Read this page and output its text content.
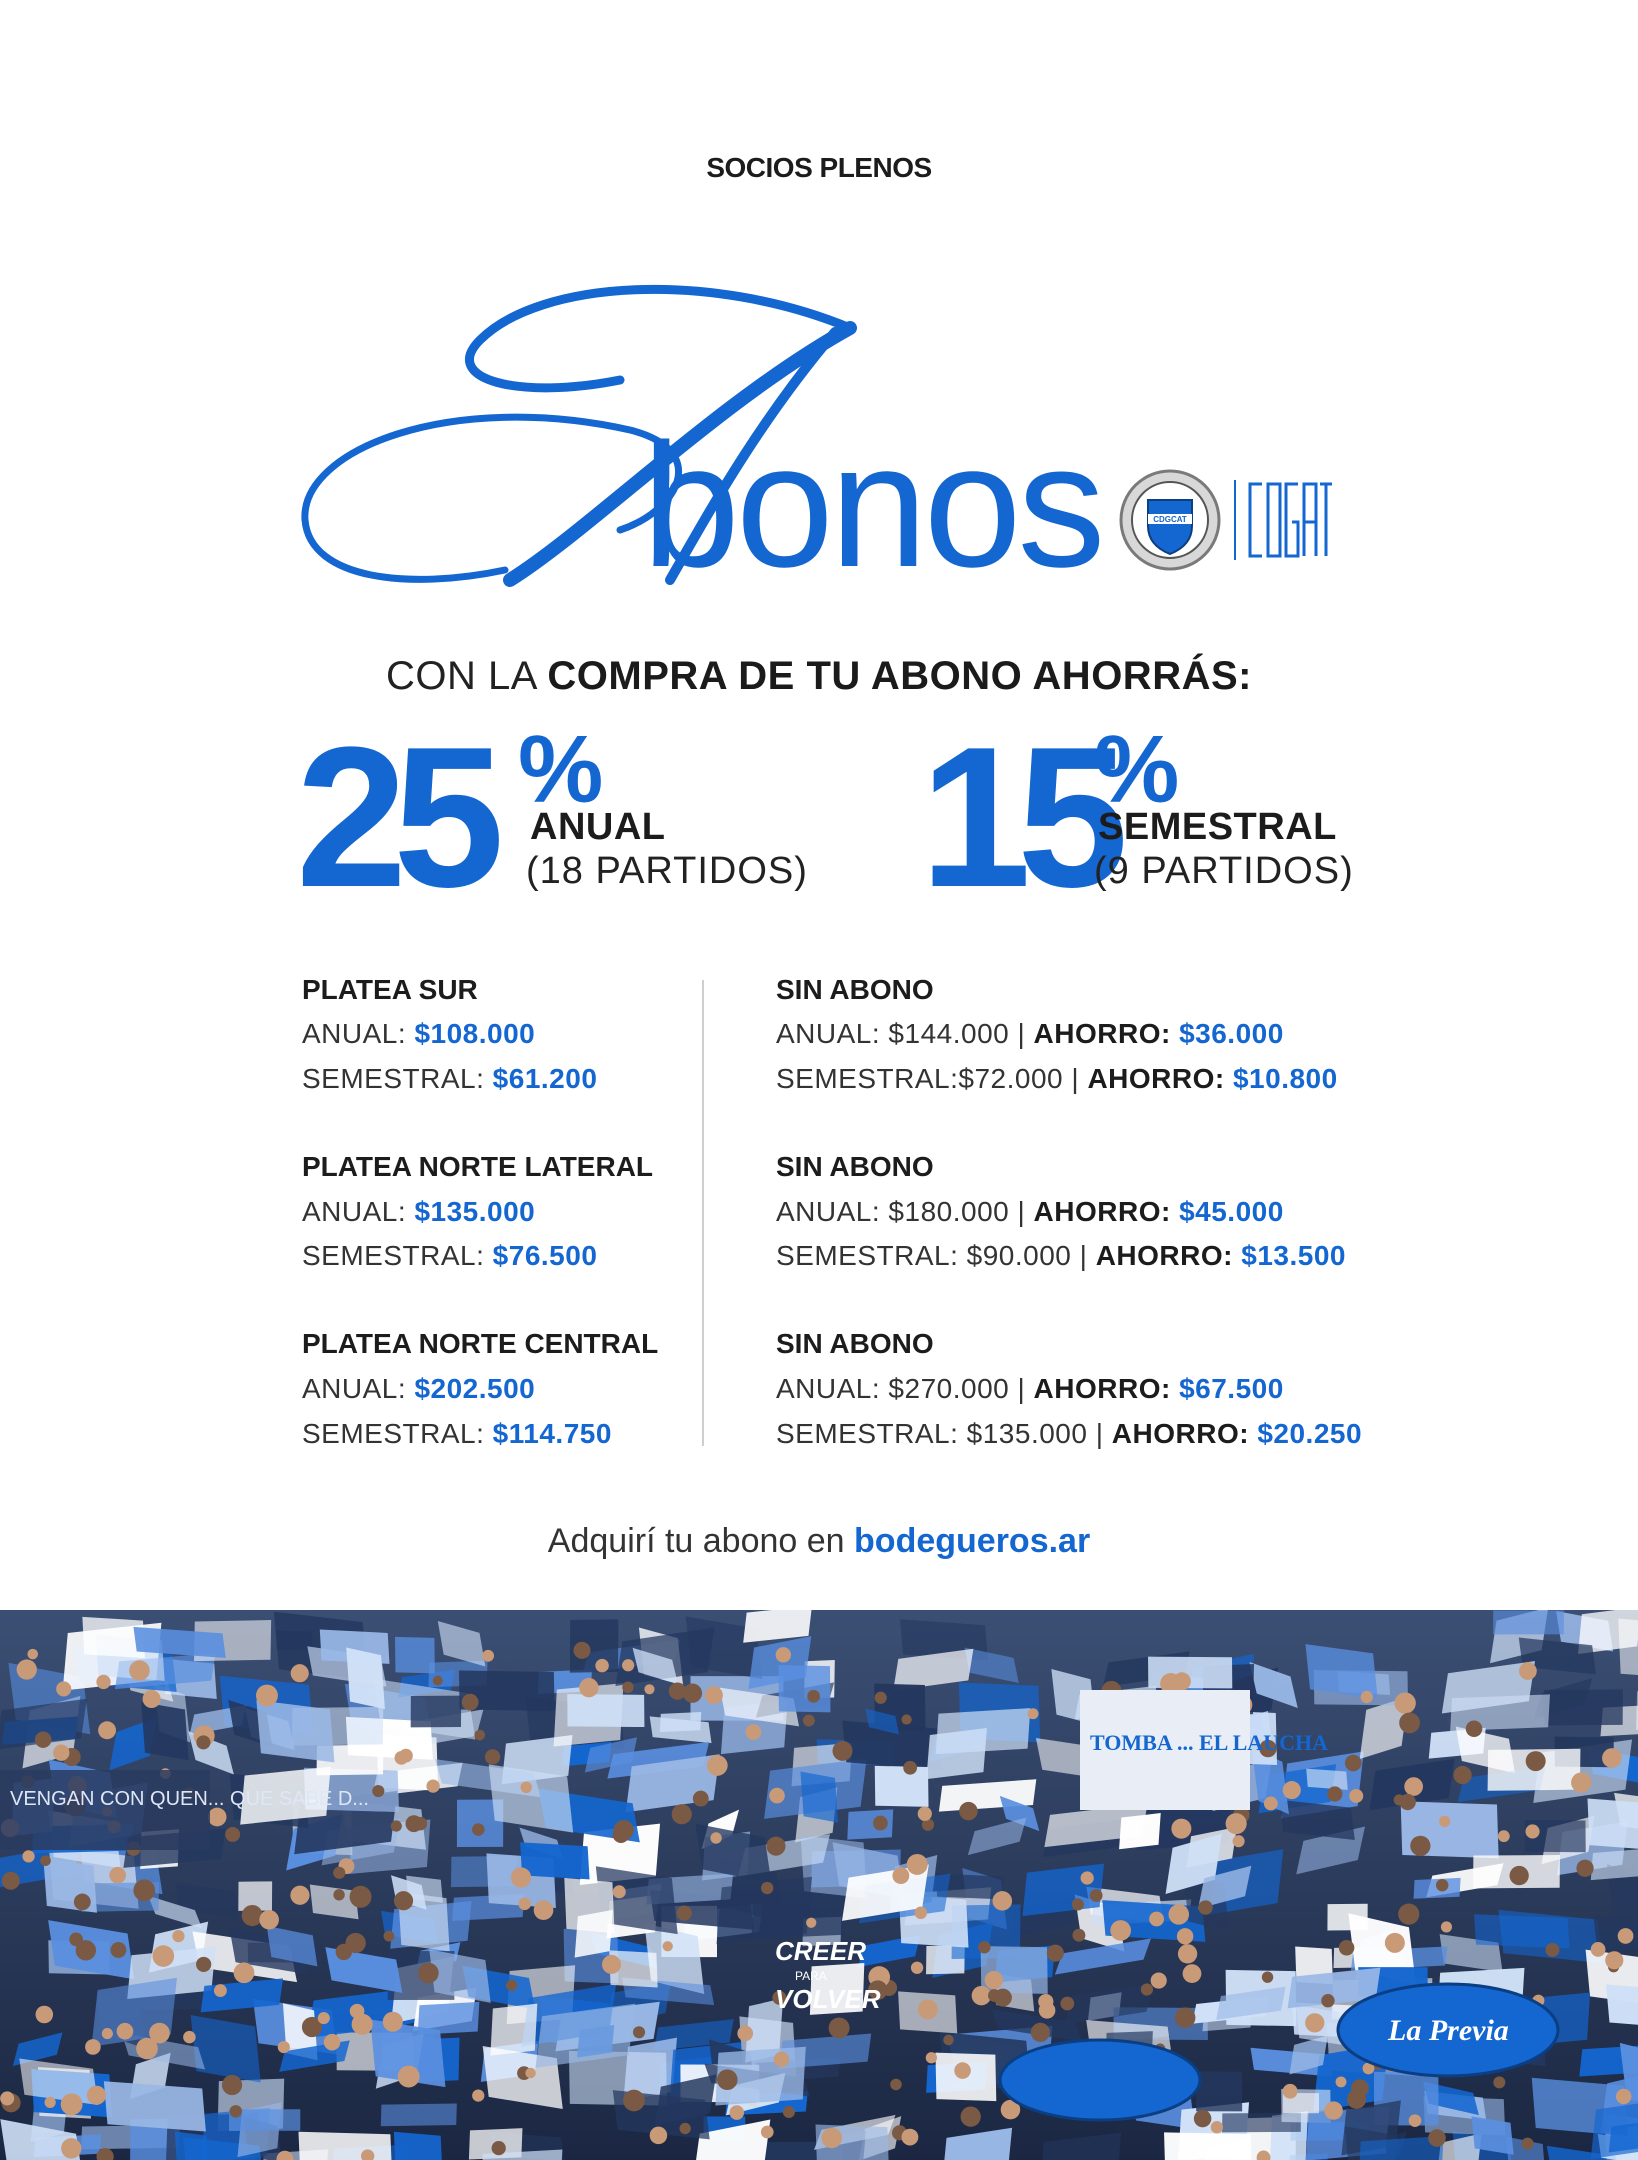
SOCIOS PLENOS
bonos	CDGCAT
CON LA COMPRA DE TU ABONO AHORRÁS:
25 %
ANUAL
(18 PARTIDOS) 15
%
SEMESTRAL
(9 PARTIDOS)
PLATEA SUR
ANUAL: $108.000
SEMESTRAL: $61.200
SIN ABONO
ANUAL: $144.000 | AHORRO: $36.000
SEMESTRAL:$72.000 | AHORRO: $10.800
PLATEA NORTE LATERAL
ANUAL: $135.000
SEMESTRAL: $76.500
SIN ABONO
ANUAL: $180.000 | AHORRO: $45.000
SEMESTRAL: $90.000 | AHORRO: $13.500
PLATEA NORTE CENTRAL
ANUAL: $202.500
SEMESTRAL: $114.750
SIN ABONO
ANUAL: $270.000 | AHORRO: $67.500
SEMESTRAL: $135.000 | AHORRO: $20.250
Adquirí tu abono en bodegueros.ar
VENGAN CON QUEN... QUE SABE D...
TOMBA ... EL LAUCHA
CREER
PARA
VOLVER
La Previa
